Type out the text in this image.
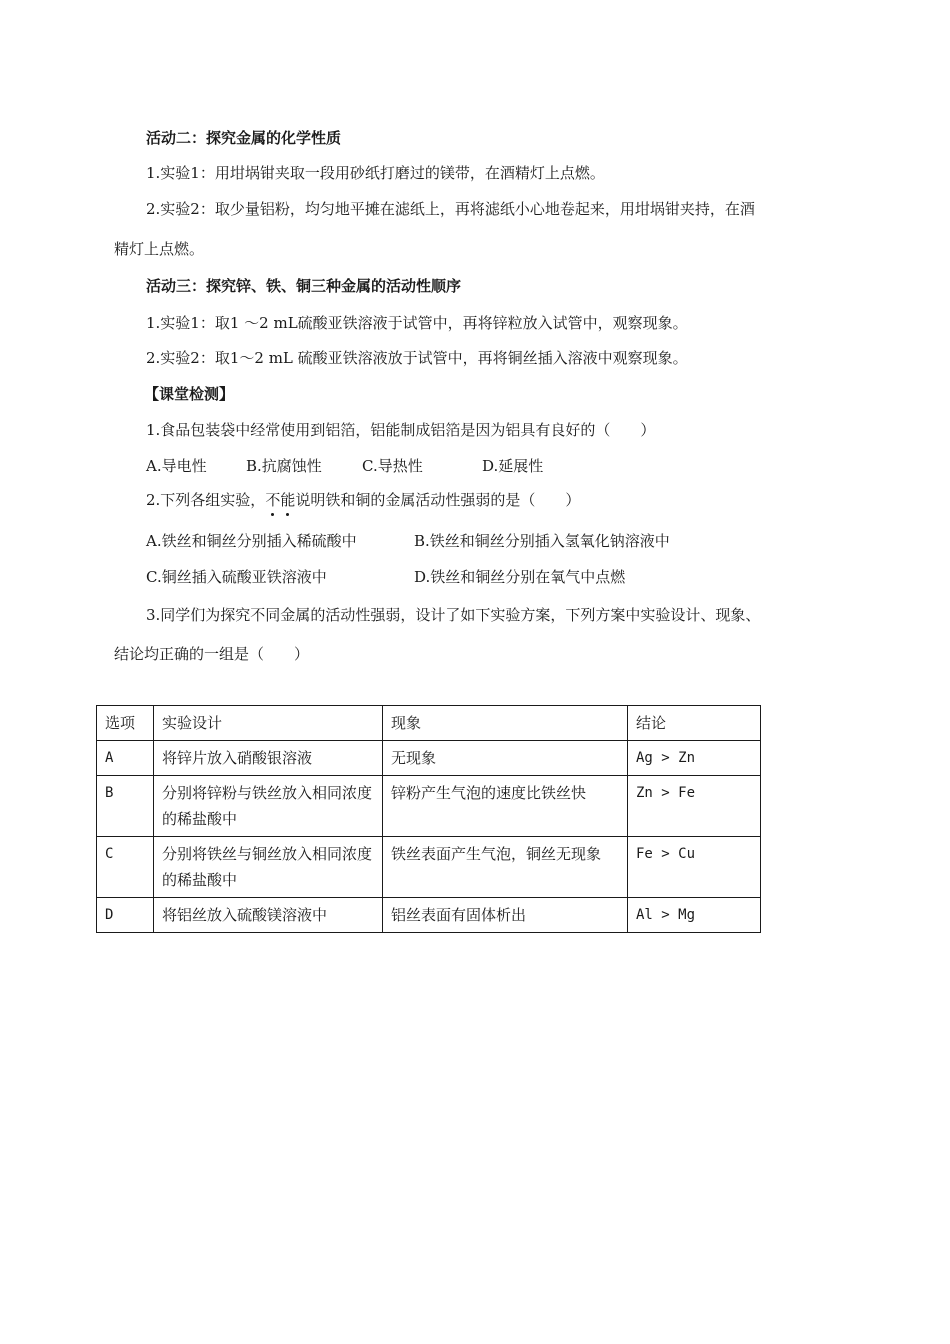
活动二：探究金属的化学性质
1.实验1：用坩埚钳夹取一段用砂纸打磨过的镁带，在酒精灯上点燃。
2.实验2：取少量铝粉，均匀地平摊在滤纸上，再将滤纸小心地卷起来，用坩埚钳夹持，在酒
精灯上点燃。
活动三：探究锌、铁、铜三种金属的活动性顺序
1.实验1：取1 ～2 mL硫酸亚铁溶液于试管中，再将锌粒放入试管中，观察现象。
2.实验2：取1～2 mL 硫酸亚铁溶液放于试管中，再将铜丝插入溶液中观察现象。
【课堂检测】
1.食品包装袋中经常使用到铝箔，铝能制成铝箔是因为铝具有良好的（　　）
A.导电性	B.抗腐蚀性	C.导热性	D.延展性
2.下列各组实验，不能说明铁和铜的金属活动性强弱的是（　　）
A.铁丝和铜丝分别插入稀硫酸中	B.铁丝和铜丝分别插入氢氧化钠溶液中
C.铜丝插入硫酸亚铁溶液中	D.铁丝和铜丝分别在氧气中点燃
3.同学们为探究不同金属的活动性强弱，设计了如下实验方案，下列方案中实验设计、现象、
结论均正确的一组是（　　）
选项	实验设计	现象	结论
A	将锌片放入硝酸银溶液	无现象	Ag > Zn
B	分别将锌粉与铁丝放入相同浓度的稀盐酸中	锌粉产生气泡的速度比铁丝快	Zn > Fe
C	分别将铁丝与铜丝放入相同浓度的稀盐酸中	铁丝表面产生气泡，铜丝无现象	Fe > Cu
D	将铝丝放入硫酸镁溶液中	铝丝表面有固体析出	Al > Mg
